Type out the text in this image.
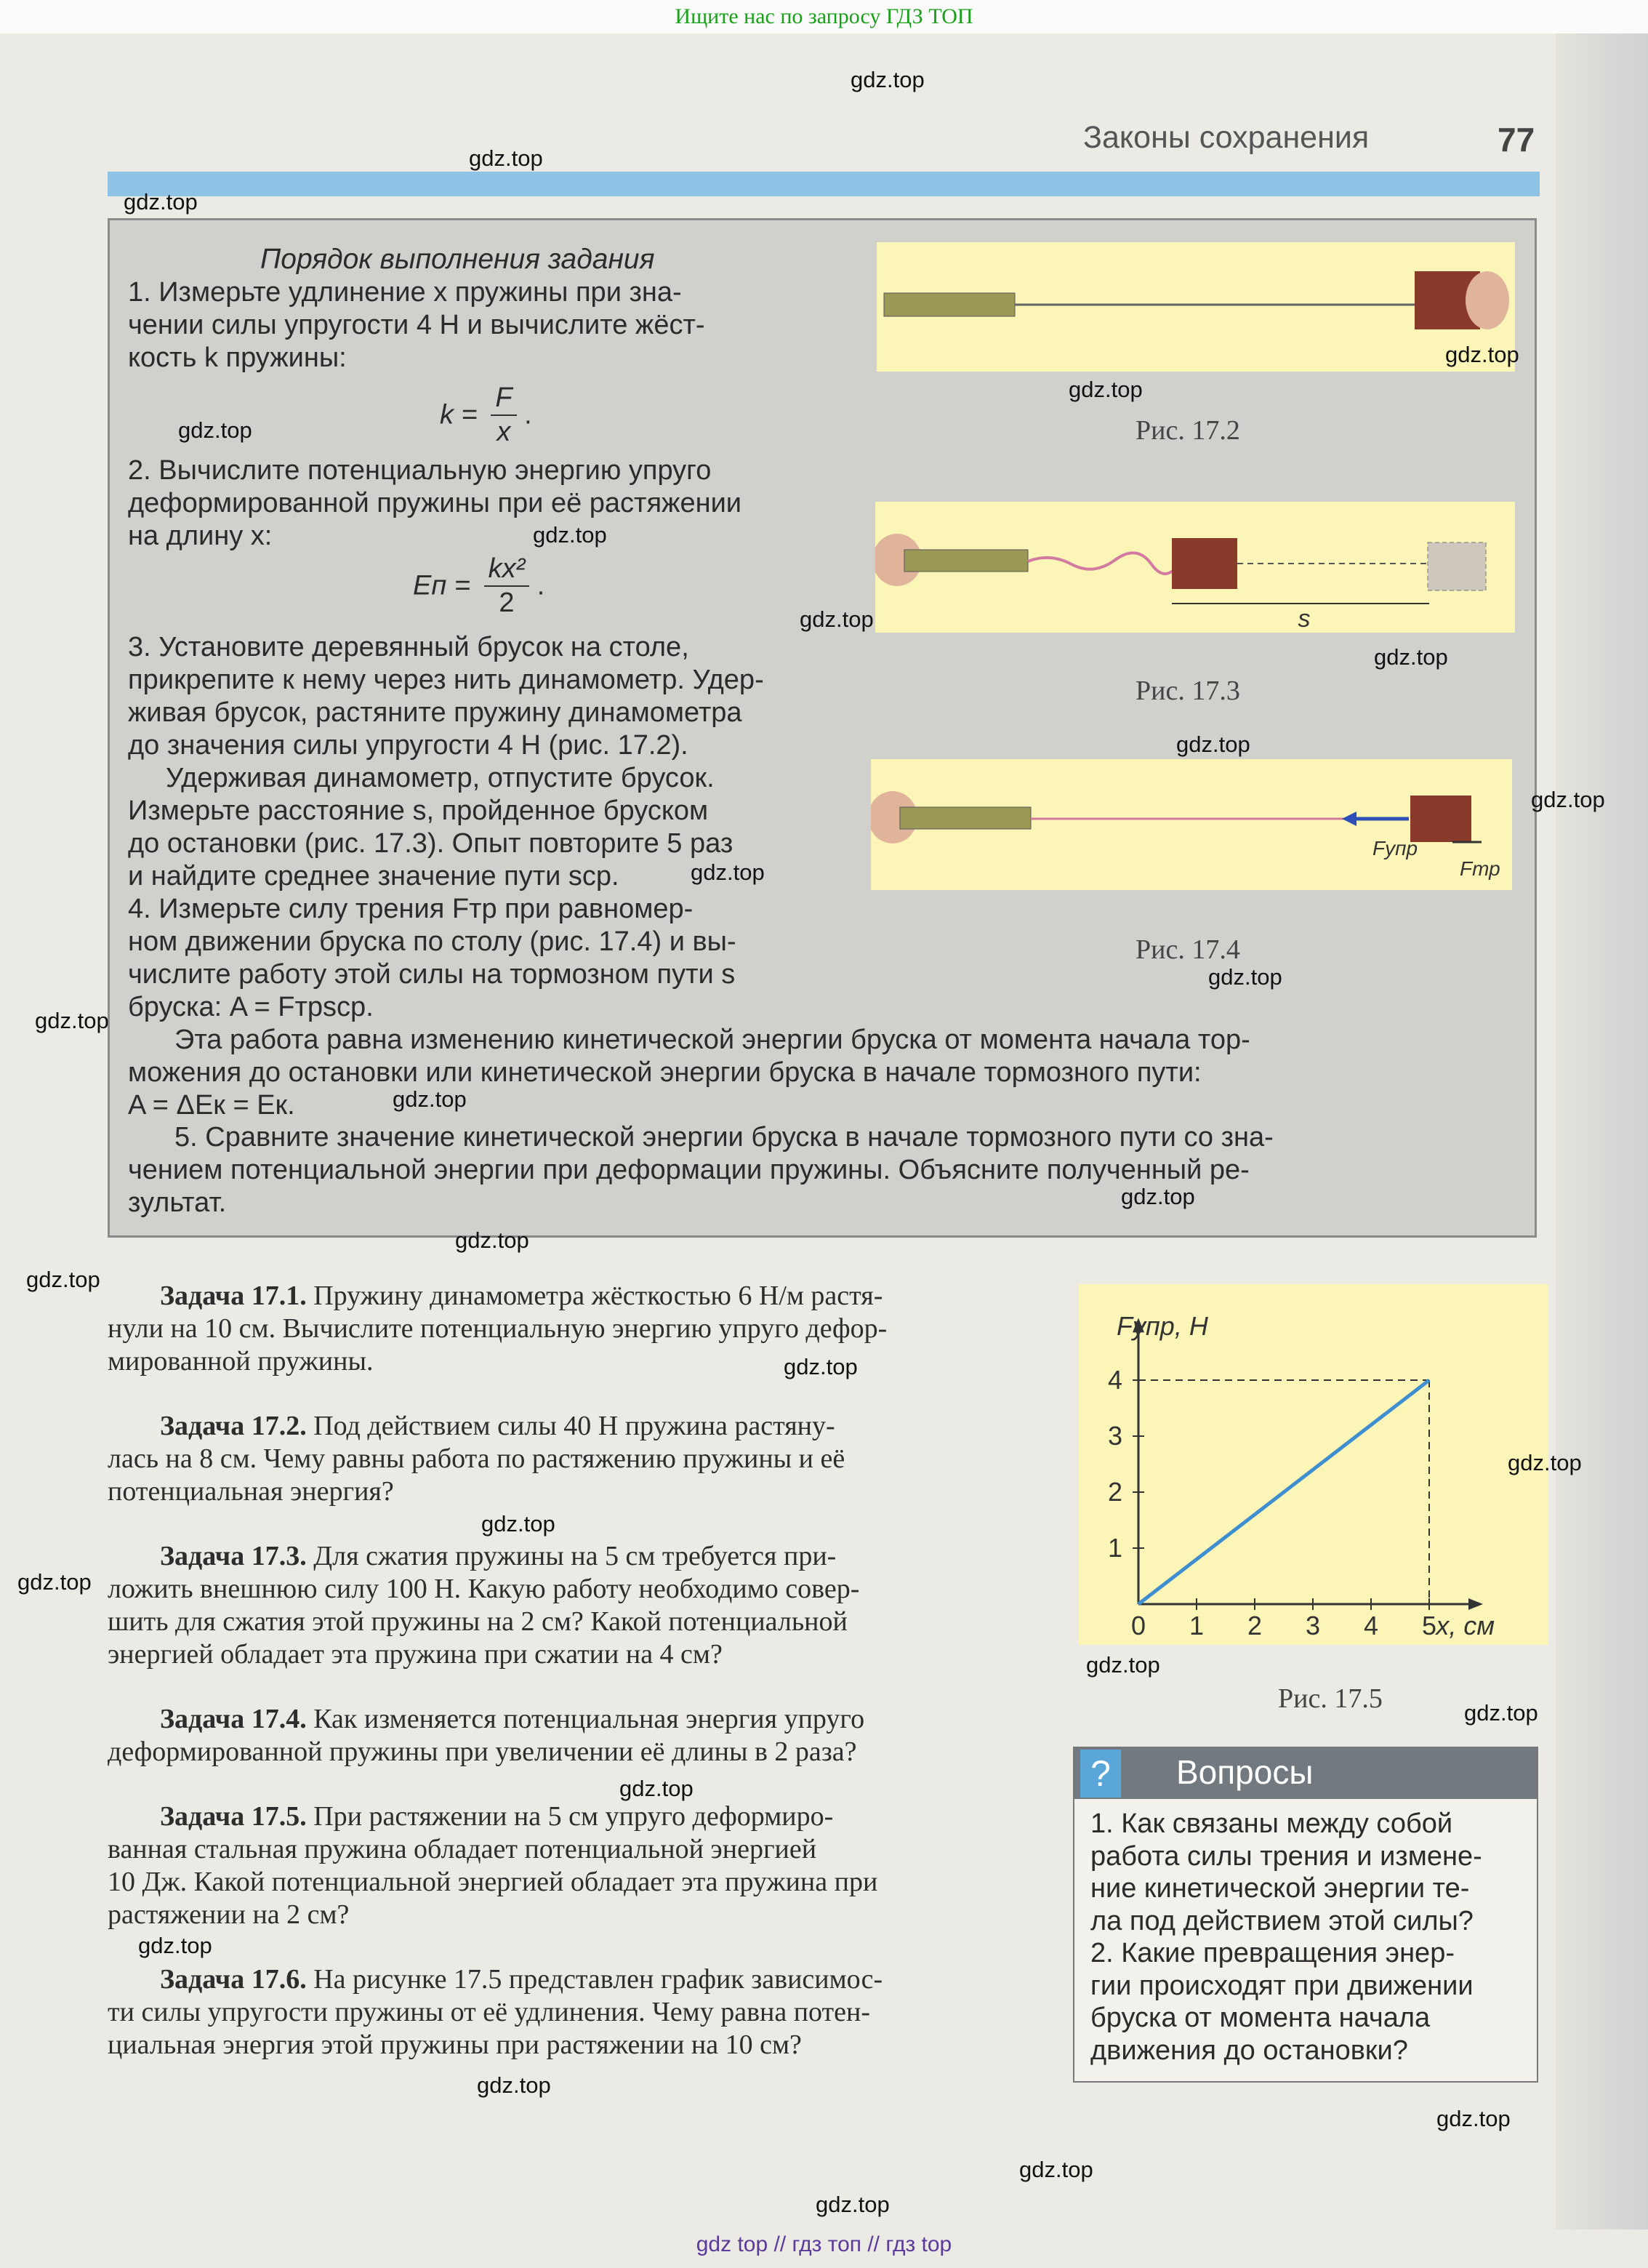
Ищите нас по запросу ГДЗ ТОП
Законы сохранения	77
Порядок выполнения задания
1. Измерьте удлинение x пружины при зна-
чении силы упругости 4 Н и вычислите жёст-
кость k пружины:
$k = \frac{F}{x}$ .
2. Вычислите потенциальную энергию упруго
деформированной пружины при её растяжении
на длину x:
Eп = $\frac{\text{kx²}}{2}$ .
3. Установите деревянный брусок на столе,
прикрепите к нему через нить динамометр. Удер-
живая брусок, растяните пружину динамометра
до значения силы упругости 4 Н (рис. 17.2).
Удерживая динамометр, отпустите брусок.
Измерьте расстояние s, пройденное бруском
до остановки (рис. 17.3). Опыт повторите 5 раз
и найдите среднее значение пути sср.
4. Измерьте силу трения Fтр при равномер-
ном движении бруска по столу (рис. 17.4) и вы-
числите работу этой силы на тормозном пути s
бруска: A = Fтрsср.
Эта работа равна изменению кинетической энергии бруска от момента начала тор-
можения до остановки или кинетической энергии бруска в начале тормозного пути:
A = ΔEк = Eк.
5. Сравните значение кинетической энергии бруска в начале тормозного пути со зна-
чением потенциальной энергии при деформации пружины. Объясните полученный ре-
зультат.
Рис. 17.2
s
Рис. 17.3
Fупр
Fтр
Рис. 17.4
Задача 17.1. Пружину динамометра жёсткостью 6 Н/м растя-
нули на 10 см. Вычислите потенциальную энергию упруго дефор-
мированной пружины.
Задача 17.2. Под действием силы 40 Н пружина растяну-
лась на 8 см. Чему равны работа по растяжению пружины и её
потенциальная энергия?
Задача 17.3. Для сжатия пружины на 5 см требуется при-
ложить внешнюю силу 100 Н. Какую работу необходимо совер-
шить для сжатия этой пружины на 2 см? Какой потенциальной
энергией обладает эта пружина при сжатии на 4 см?
Задача 17.4. Как изменяется потенциальная энергия упруго
деформированной пружины при увеличении её длины в 2 раза?
Задача 17.5. При растяжении на 5 см упруго деформиро-
ванная стальная пружина обладает потенциальной энергией
10 Дж. Какой потенциальной энергией обладает эта пружина при
растяжении на 2 см?
Задача 17.6. На рисунке 17.5 представлен график зависимос-
ти силы упругости пружины от её удлинения. Чему равна потен-
циальная энергия этой пружины при растяжении на 10 см?
0 1 2 3 4 5
1
2
3
4
Fупр, Н
x, см
Рис. 17.5
?	Вопросы
1. Как связаны между собой
работа силы трения и измене-
ние кинетической энергии те-
ла под действием этой силы?
2. Какие превращения энер-
гии происходят при движении
бруска от момента начала
движения до остановки?
gdz.top
gdz.top
gdz.top
gdz.top
gdz.top
gdz.top
gdz.top
gdz.top
gdz.top
gdz.top
gdz.top
gdz.top
gdz.top
gdz.top
gdz.top
gdz.top
gdz.top
gdz.top
gdz.top
gdz.top
gdz.top
gdz.top
gdz.top
gdz.top
gdz.top
gdz.top
gdz.top
gdz.top
gdz.top
gdz.top
gdz top // гдз топ // гдз top
